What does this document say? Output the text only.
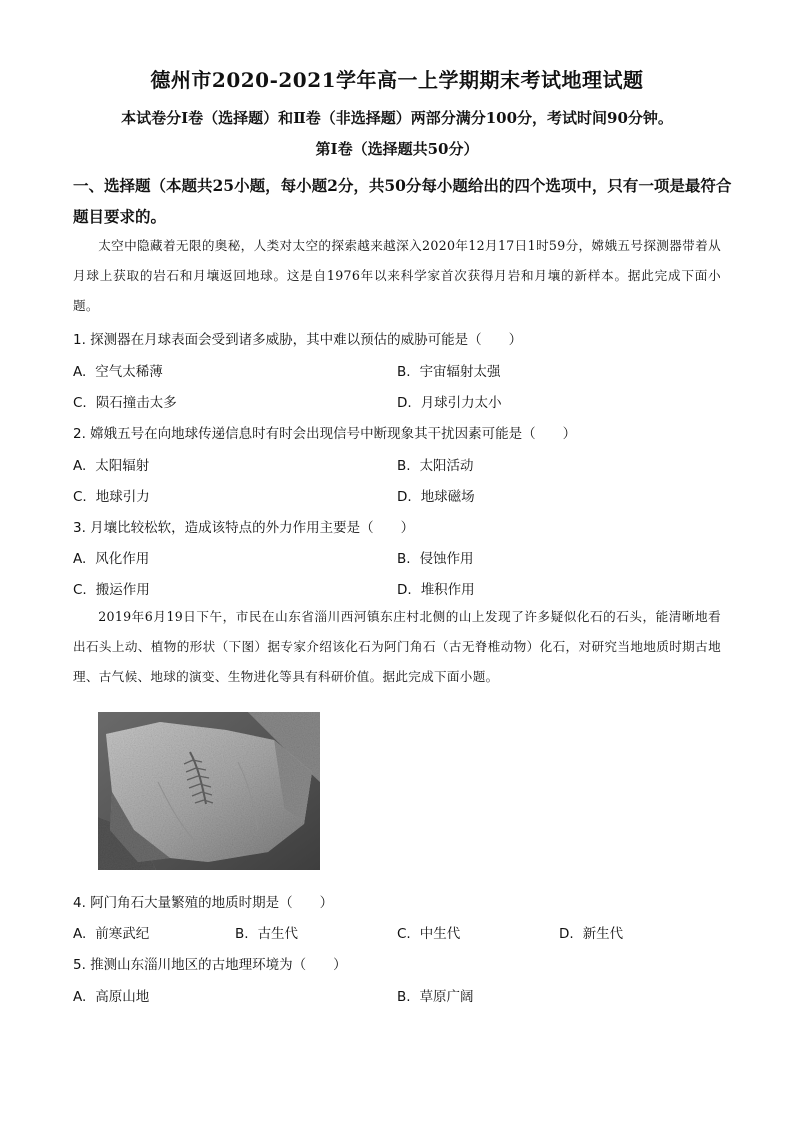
德州市2020-2021学年高一上学期期末考试地理试题
本试卷分Ⅰ卷（选择题）和Ⅱ卷（非选择题）两部分满分100分，考试时间90分钟。
第Ⅰ卷（选择题共50分）
一、选择题（本题共25小题，每小题2分，共50分每小题给出的四个选项中，只有一项是最符合题目要求的。
太空中隐藏着无限的奥秘，人类对太空的探索越来越深入2020年12月17日1时59分，嫦娥五号探测器带着从月球上获取的岩石和月壤返回地球。这是自1976年以来科学家首次获得月岩和月壤的新样本。据此完成下面小题。
1. 探测器在月球表面会受到诸多威胁，其中难以预估的威胁可能是（　　）
A. 空气太稀薄	B. 宇宙辐射太强
C. 陨石撞击太多	D. 月球引力太小
2. 嫦娥五号在向地球传递信息时有时会出现信号中断现象其干扰因素可能是（　　）
A. 太阳辐射	B. 太阳活动
C. 地球引力	D. 地球磁场
3. 月壤比较松软，造成该特点的外力作用主要是（　　）
A. 风化作用	B. 侵蚀作用
C. 搬运作用	D. 堆积作用
2019年6月19日下午，市民在山东省淄川西河镇东庄村北侧的山上发现了许多疑似化石的石头，能清晰地看出石头上动、植物的形状（下图）据专家介绍该化石为阿门角石（古无脊椎动物）化石，对研究当地地质时期古地理、古气候、地球的演变、生物进化等具有科研价值。据此完成下面小题。
4. 阿门角石大量繁殖的地质时期是（　　）
A. 前寒武纪	B. 古生代	C. 中生代	D. 新生代
5. 推测山东淄川地区的古地理环境为（　　）
A. 高原山地	B. 草原广阔
